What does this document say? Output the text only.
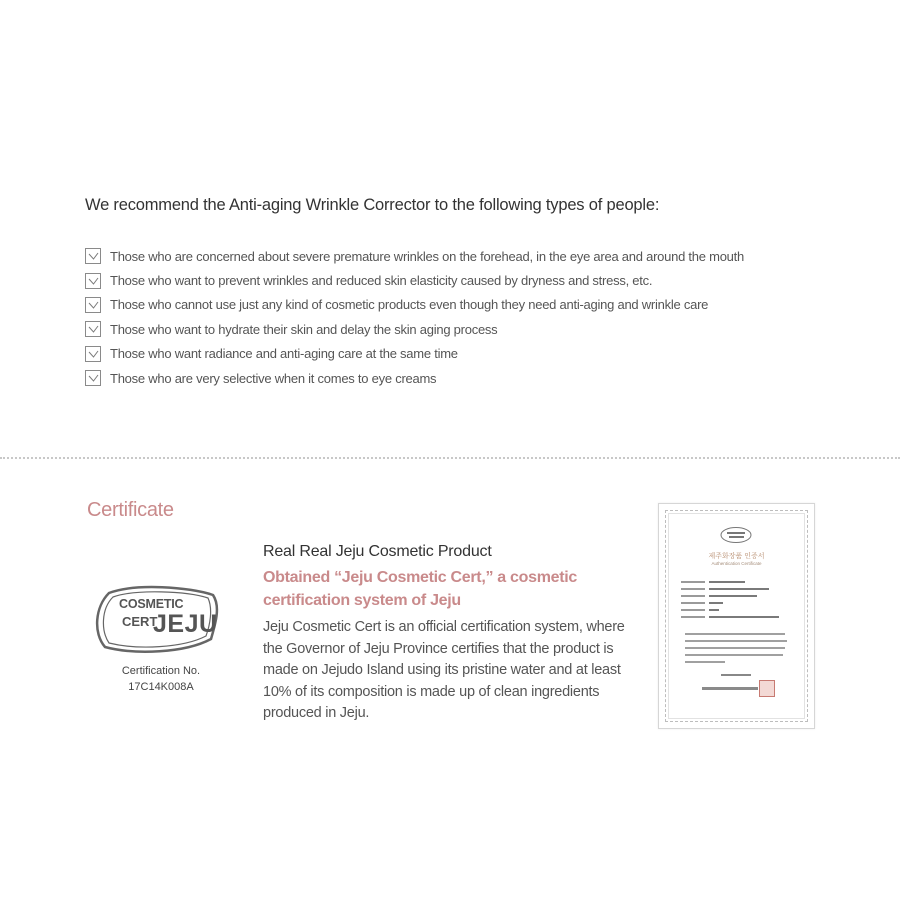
We recommend the Anti-aging Wrinkle Corrector to the following types of people:
Those who are concerned about severe premature wrinkles on the forehead, in the eye area and around the mouth
Those who want to prevent wrinkles and reduced skin elasticity caused by dryness and stress, etc.
Those who cannot use just any kind of cosmetic products even though they need anti-aging and wrinkle care
Those who want to hydrate their skin and delay the skin aging process
Those who want radiance and anti-aging care at the same time
Those who are very selective when it comes to eye creams
Certificate
COSMETIC
CERT
JEJU
Certification No.
17C14K008A
Real Real Jeju Cosmetic Product
Obtained “Jeju Cosmetic Cert,” a cosmetic certification system of Jeju
Jeju Cosmetic Cert is an official certification system, where the Governor of Jeju Province certifies that the product is made on Jejudo Island using its pristine water and at least 10% of its composition is made up of clean ingredients produced in Jeju.
제주화장품 인증서
Authentication Certificate
